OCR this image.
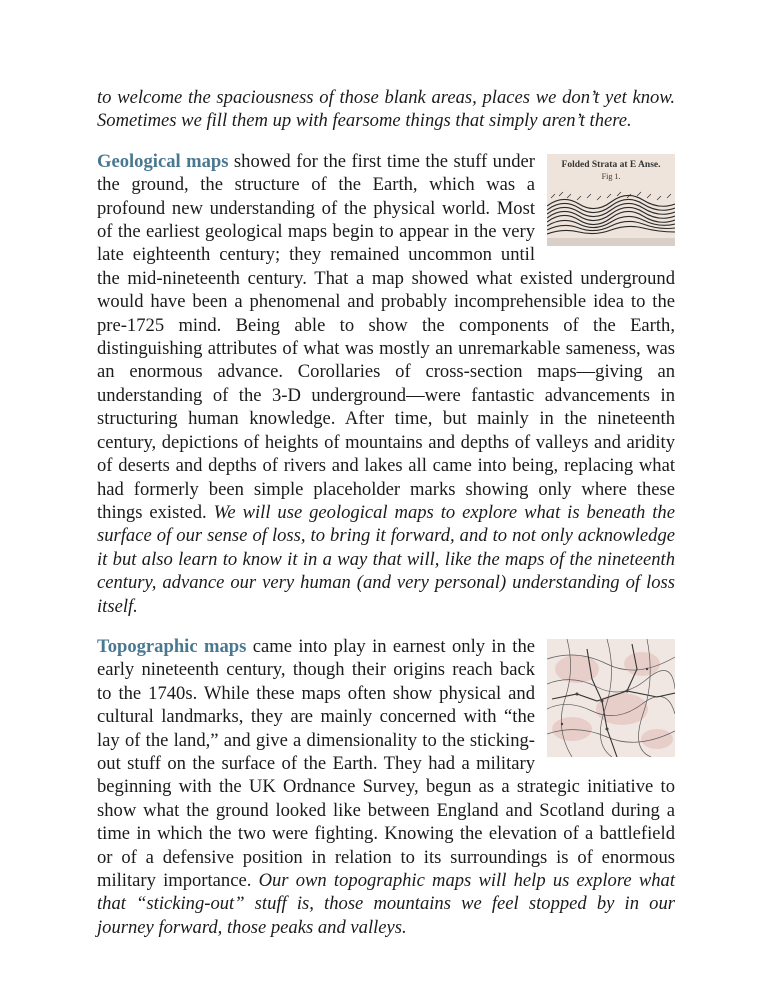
to welcome the spaciousness of those blank areas, places we don’t yet know. Sometimes we fill them up with fearsome things that simply aren’t there.

Folded Strata at E Anse.
Fig 1.
Geological maps showed for the first time the stuff under the ground, the structure of the Earth, which was a profound new understanding of the physical world. Most of the earliest geological maps begin to appear in the very late eighteenth century; they remained uncommon until the mid-nineteenth century. That a map showed what existed underground would have been a phenomenal and probably incomprehensible idea to the pre-1725 mind. Being able to show the components of the Earth, distinguishing attributes of what was mostly an unremarkable sameness, was an enormous advance. Corollaries of cross-section maps—giving an understanding of the 3-D underground—were fantastic advancements in structuring human knowledge. After time, but mainly in the nineteenth century, depictions of heights of mountains and depths of valleys and aridity of deserts and depths of rivers and lakes all came into being, replacing what had formerly been simple placeholder marks showing only where these things existed. We will use geological maps to explore what is beneath the surface of our sense of loss, to bring it forward, and to not only acknowledge it but also learn to know it in a way that will, like the maps of the nineteenth century, advance our very human (and very personal) understanding of loss itself.

Topographic maps came into play in earnest only in the early nineteenth century, though their origins reach back to the 1740s. While these maps often show physical and cultural landmarks, they are mainly concerned with “the lay of the land,” and give a dimensionality to the sticking-out stuff on the surface of the Earth. They had a military beginning with the UK Ordnance Survey, begun as a strategic initiative to show what the ground looked like between England and Scotland during a time in which the two were fighting. Knowing the elevation of a battlefield or of a defensive position in relation to its surroundings is of enormous military importance. Our own topographic maps will help us explore what that “sticking-out” stuff is, those mountains we feel stopped by in our journey forward, those peaks and valleys.
